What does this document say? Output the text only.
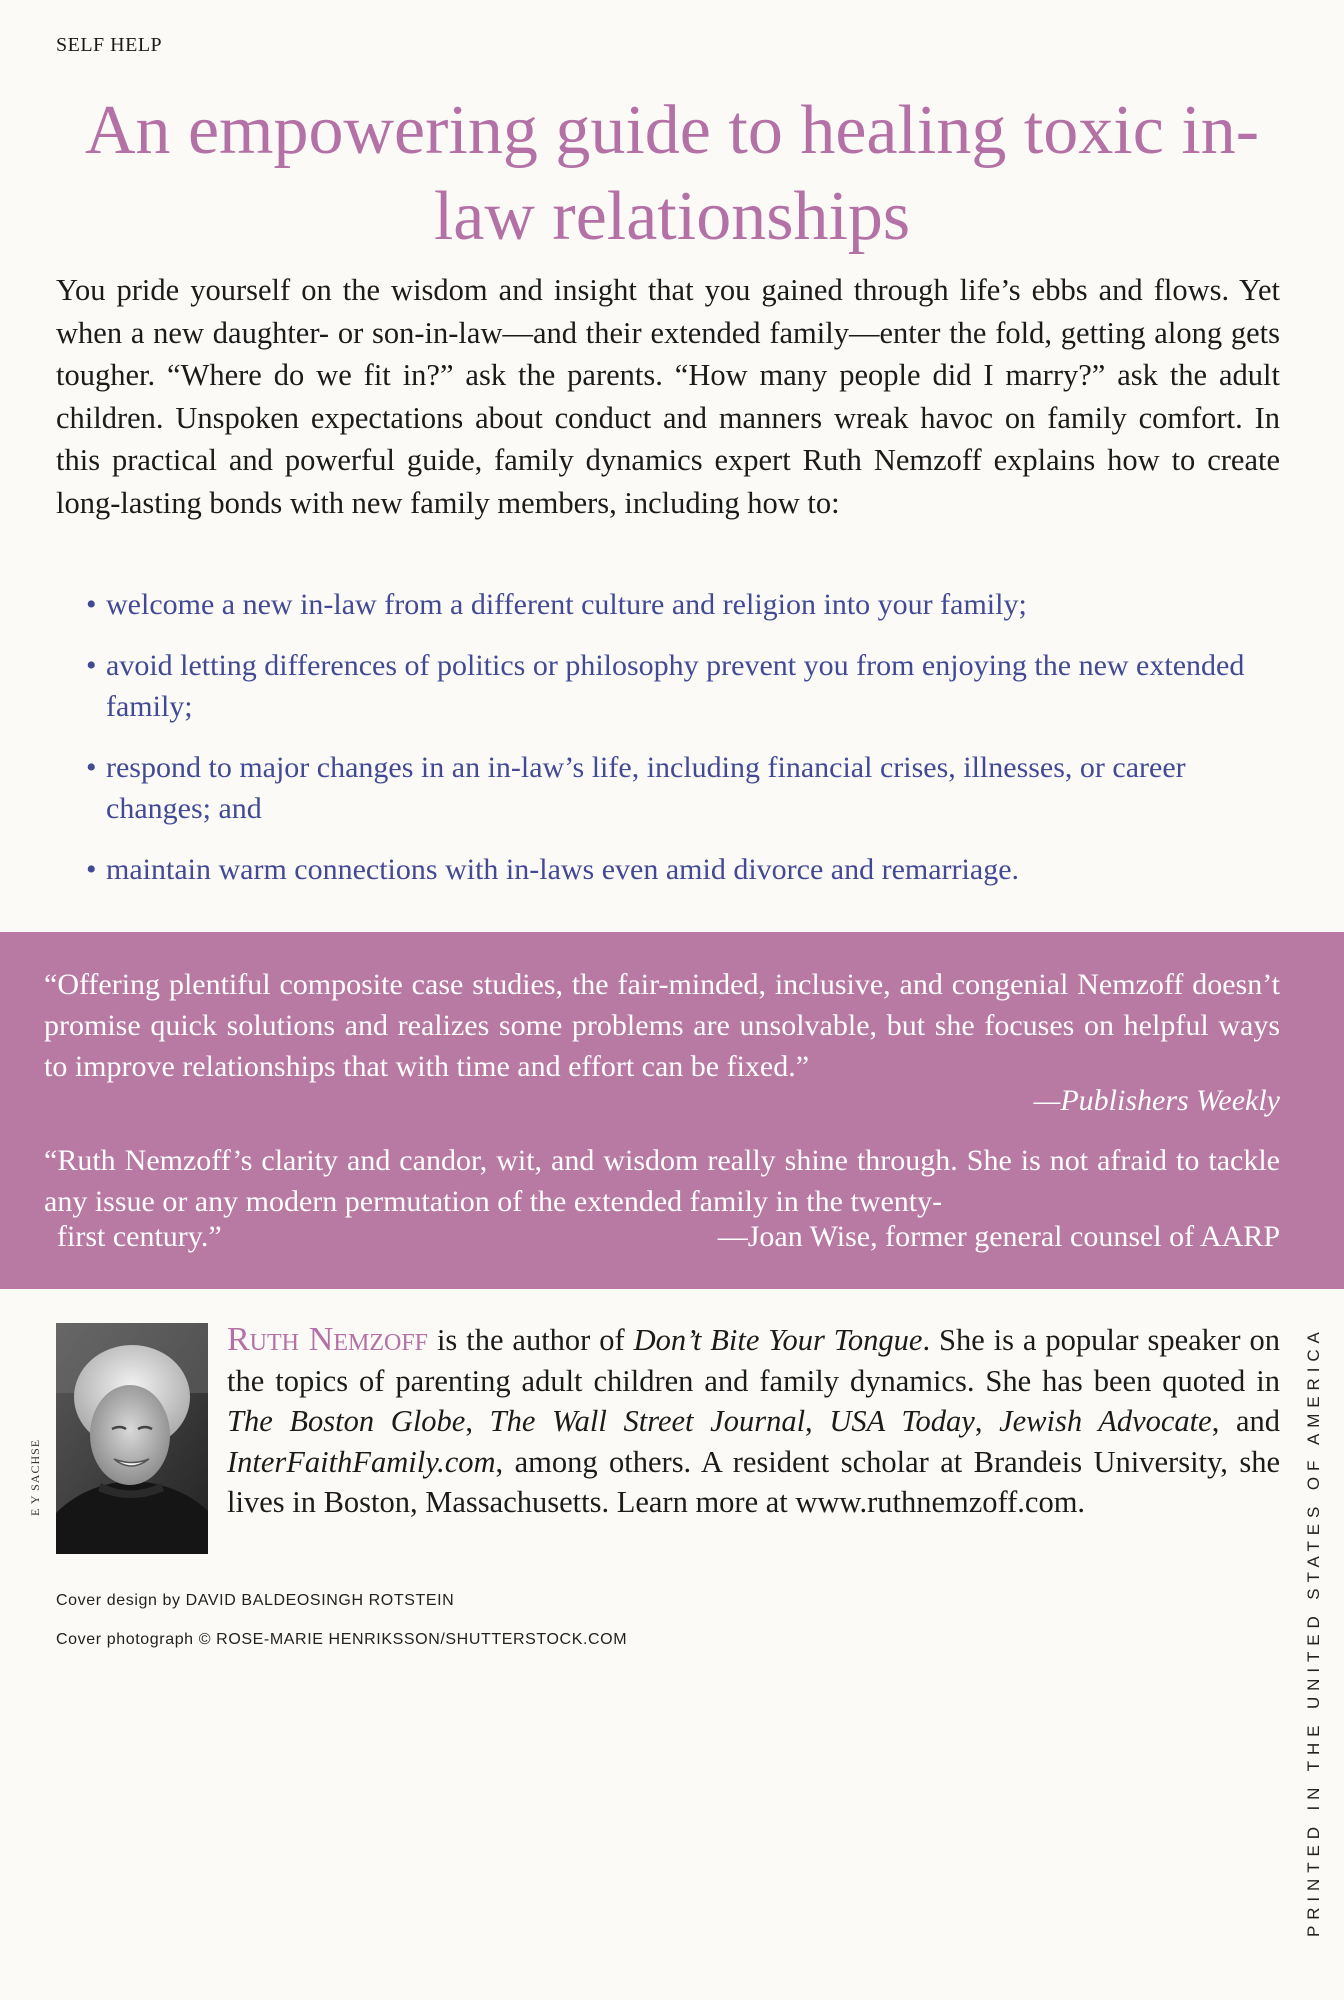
SELF HELP
An empowering guide to healing toxic in-law relationships

You pride yourself on the wisdom and insight that you gained through life’s ebbs and flows. Yet when a new daughter- or son-in-law—and their extended family—enter the fold, getting along gets tougher. “Where do we fit in?” ask the parents. “How many people did I marry?” ask the adult children. Unspoken expectations about conduct and manners wreak havoc on family comfort. In this practical and powerful guide, family dynamics expert Ruth Nemzoff explains how to create long-lasting bonds with new family members, including how to:

• welcome a new in-law from a different culture and religion into your family;
• avoid letting differences of politics or philosophy prevent you from enjoying the new extended family;
• respond to major changes in an in-law’s life, including financial crises, illnesses, or career changes; and
• maintain warm connections with in-laws even amid divorce and remarriage.

“Offering plentiful composite case studies, the fair-minded, inclusive, and congenial Nemzoff doesn’t promise quick solutions and realizes some problems are unsolvable, but she focuses on helpful ways to improve relationships that with time and effort can be fixed.”

—Publishers Weekly

“Ruth Nemzoff’s clarity and candor, wit, and wisdom really shine through. She is not afraid to tackle any issue or any modern permutation of the extended family in the twenty-

first century.”	—Joan Wise, former general counsel of AARP
E Y SACHSE

Ruth Nemzoff is the author of Don’t Bite Your Tongue. She is a popular speaker on the topics of parenting adult children and family dynamics. She has been quoted in The Boston Globe, The Wall Street Journal, USA Today, Jewish Advocate, and InterFaithFamily.com, among others. A resident scholar at Brandeis University, she lives in Boston, Massachusetts. Learn more at www.ruthnemzoff.com.

Cover design by DAVID BALDEOSINGH ROTSTEIN
Cover photograph © ROSE-MARIE HENRIKSSON/SHUTTERSTOCK.COM	PRINTED IN THE UNITED STATES OF AMERICA
